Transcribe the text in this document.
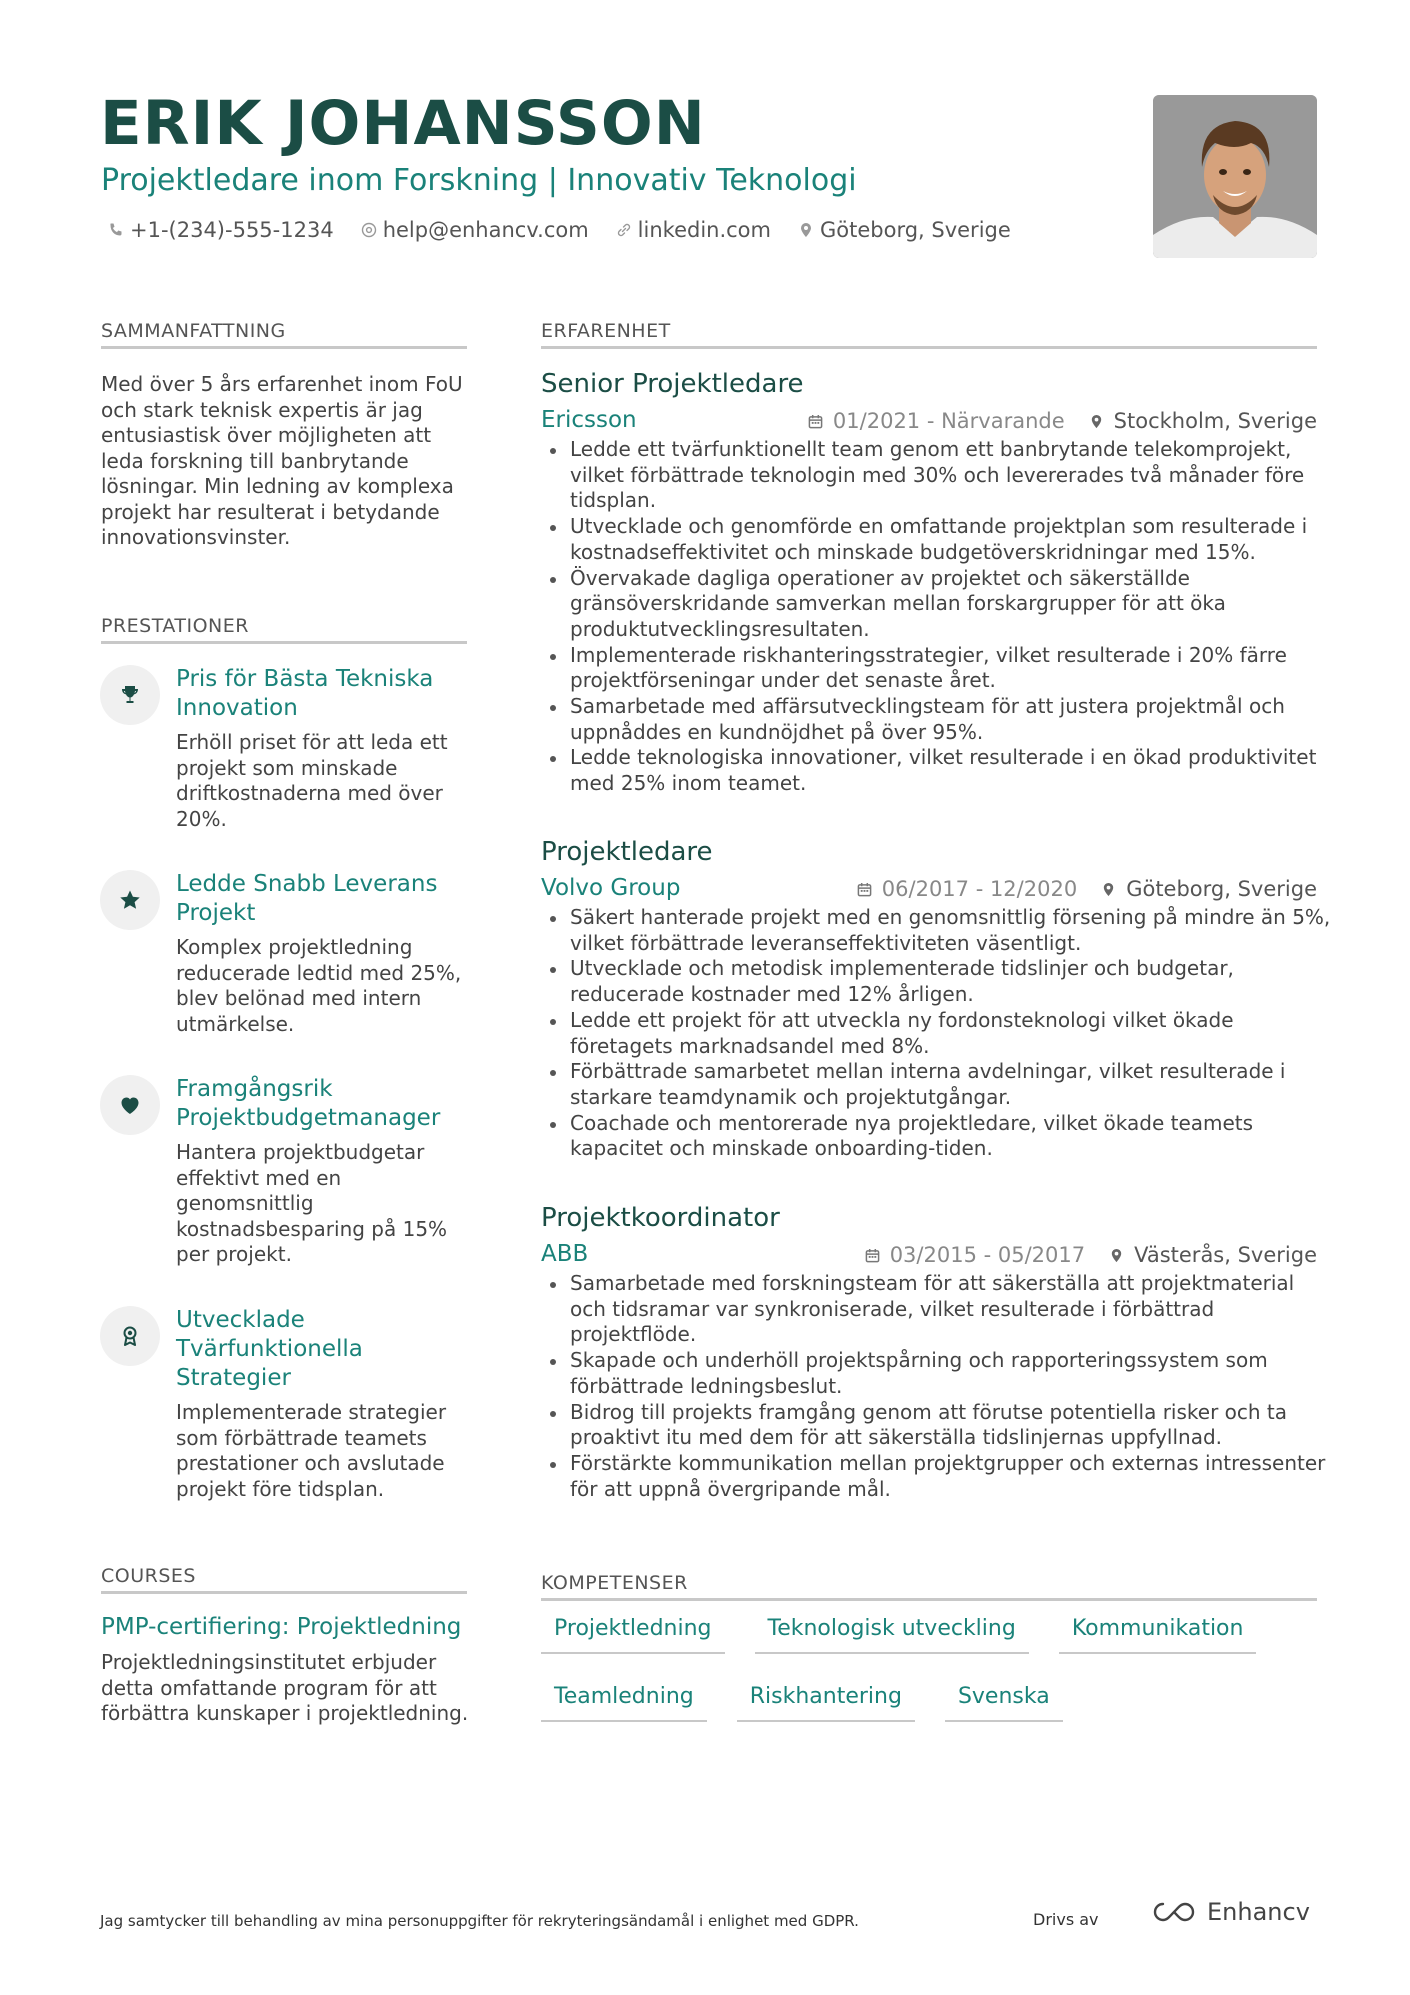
ERIK JOHANSSON
Projektledare inom Forskning | Innovativ Teknologi
+1-(234)-555-1234 help@enhancv.com linkedin.com Göteborg, Sverige
SAMMANFATTNING
Med över 5 års erfarenhet inom FoU
och stark teknisk expertis är jag
entusiastisk över möjligheten att
leda forskning till banbrytande
lösningar. Min ledning av komplexa
projekt har resulterat i betydande
innovationsvinster.
PRESTATIONER
Pris för Bästa Tekniska
Innovation
Erhöll priset för att leda ett
projekt som minskade
driftkostnaderna med över
20%.
Ledde Snabb Leverans
Projekt
Komplex projektledning
reducerade ledtid med 25%,
blev belönad med intern
utmärkelse.
Framgångsrik
Projektbudgetmanager
Hantera projektbudgetar
effektivt med en
genomsnittlig
kostnadsbesparing på 15%
per projekt.
Utvecklade
Tvärfunktionella
Strategier
Implementerade strategier
som förbättrade teamets
prestationer och avslutade
projekt före tidsplan.
COURSES
PMP-certifiering: Projektledning
Projektledningsinstitutet erbjuder
detta omfattande program för att
förbättra kunskaper i projektledning.
ERFARENHET
Senior Projektledare
Ericsson	01/2021 - Närvarande Stockholm, Sverige
Ledde ett tvärfunktionellt team genom ett banbrytande telekomprojekt,
vilket förbättrade teknologin med 30% och levererades två månader före
tidsplan.
Utvecklade och genomförde en omfattande projektplan som resulterade i
kostnadseffektivitet och minskade budgetöverskridningar med 15%.
Övervakade dagliga operationer av projektet och säkerställde
gränsöverskridande samverkan mellan forskargrupper för att öka
produktutvecklingsresultaten.
Implementerade riskhanteringsstrategier, vilket resulterade i 20% färre
projektförseningar under det senaste året.
Samarbetade med affärsutvecklingsteam för att justera projektmål och
uppnåddes en kundnöjdhet på över 95%.
Ledde teknologiska innovationer, vilket resulterade i en ökad produktivitet
med 25% inom teamet.
Projektledare
Volvo Group	06/2017 - 12/2020 Göteborg, Sverige
Säkert hanterade projekt med en genomsnittlig försening på mindre än 5%,
vilket förbättrade leveranseffektiviteten väsentligt.
Utvecklade och metodisk implementerade tidslinjer och budgetar,
reducerade kostnader med 12% årligen.
Ledde ett projekt för att utveckla ny fordonsteknologi vilket ökade
företagets marknadsandel med 8%.
Förbättrade samarbetet mellan interna avdelningar, vilket resulterade i
starkare teamdynamik och projektutgångar.
Coachade och mentorerade nya projektledare, vilket ökade teamets
kapacitet och minskade onboarding-tiden.
Projektkoordinator
ABB	03/2015 - 05/2017 Västerås, Sverige
Samarbetade med forskningsteam för att säkerställa att projektmaterial
och tidsramar var synkroniserade, vilket resulterade i förbättrad
projektflöde.
Skapade och underhöll projektspårning och rapporteringssystem som
förbättrade ledningsbeslut.
Bidrog till projekts framgång genom att förutse potentiella risker och ta
proaktivt itu med dem för att säkerställa tidslinjernas uppfyllnad.
Förstärkte kommunikation mellan projektgrupper och externas intressenter
för att uppnå övergripande mål.
KOMPETENSER
Projektledning	Teknologisk utveckling	Kommunikation
Teamledning	Riskhantering	Svenska
Jag samtycker till behandling av mina personuppgifter för rekryteringsändamål i enlighet med GDPR.	Drivs av	Enhancv
